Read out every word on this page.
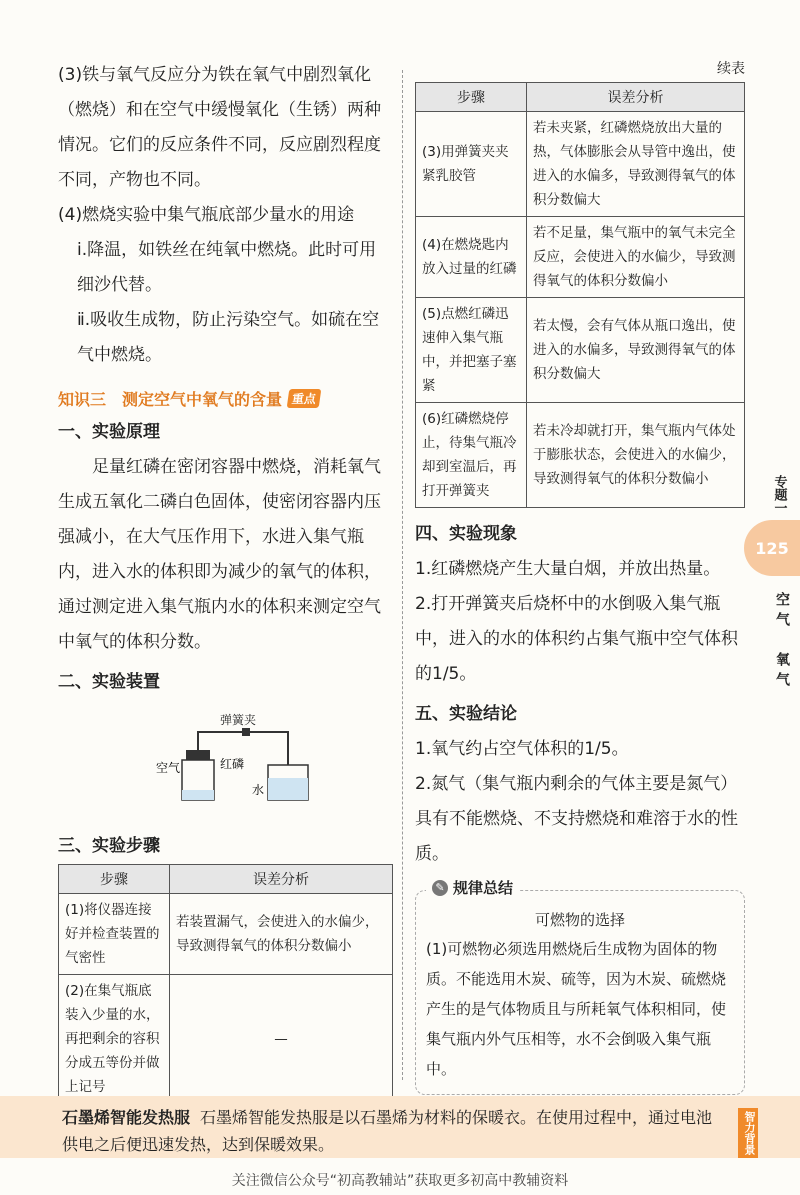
(3)铁与氧气反应分为铁在氧气中剧烈氧化（燃烧）和在空气中缓慢氧化（生锈）两种情况。它们的反应条件不同，反应剧烈程度不同，产物也不同。

(4)燃烧实验中集气瓶底部少量水的用途

ⅰ.降温，如铁丝在纯氧中燃烧。此时可用细沙代替。

ⅱ.吸收生成物，防止污染空气。如硫在空气中燃烧。

知识三　测定空气中氧气的含量 重点
一、实验原理

足量红磷在密闭容器中燃烧，消耗氧气生成五氧化二磷白色固体，使密闭容器内压强减小，在大气压作用下，水进入集气瓶内，进入水的体积即为减少的氧气的体积，通过测定进入集气瓶内水的体积来测定空气中氧气的体积分数。

二、实验装置
弹簧夹
空气	红磷
水
三、实验步骤
步骤	误差分析
(1)将仪器连接好并检查装置的气密性	若装置漏气，会使进入的水偏少，导致测得氧气的体积分数偏小
(2)在集气瓶底装入少量的水，再把剩余的容积分成五等份并做上记号	—
续表
步骤	误差分析
(3)用弹簧夹夹紧乳胶管	若未夹紧，红磷燃烧放出大量的热，气体膨胀会从导管中逸出，使进入的水偏多，导致测得氧气的体积分数偏大
(4)在燃烧匙内放入过量的红磷	若不足量，集气瓶中的氧气未完全反应，会使进入的水偏少，导致测得氧气的体积分数偏小
(5)点燃红磷迅速伸入集气瓶中，并把塞子塞紧	若太慢，会有气体从瓶口逸出，使进入的水偏多，导致测得氧气的体积分数偏大
(6)红磷燃烧停止，待集气瓶冷却到室温后，再打开弹簧夹	若未冷却就打开，集气瓶内气体处于膨胀状态，会使进入的水偏少，导致测得氧气的体积分数偏小
四、实验现象

1.红磷燃烧产生大量白烟，并放出热量。

2.打开弹簧夹后烧杯中的水倒吸入集气瓶中，进入的水的体积约占集气瓶中空气体积的1/5。

五、实验结论

1.氧气约占空气体积的1/5。

2.氮气（集气瓶内剩余的气体主要是氮气）具有不能燃烧、不支持燃烧和难溶于水的性质。

✎ 规律总结
可燃物的选择

(1)可燃物必须选用燃烧后生成物为固体的物质。不能选用木炭、硫等，因为木炭、硫燃烧产生的是气体物质且与所耗氧气体积相同，使集气瓶内外气压相等，水不会倒吸入集气瓶中。

专题一
125
空气　氧气
石墨烯智能发热服 石墨烯智能发热服是以石墨烯为材料的保暖衣。在使用过程中，通过电池供电之后便迅速发热，达到保暖效果。	智力背景
关注微信公众号“初高教辅站”获取更多初高中教辅资料
